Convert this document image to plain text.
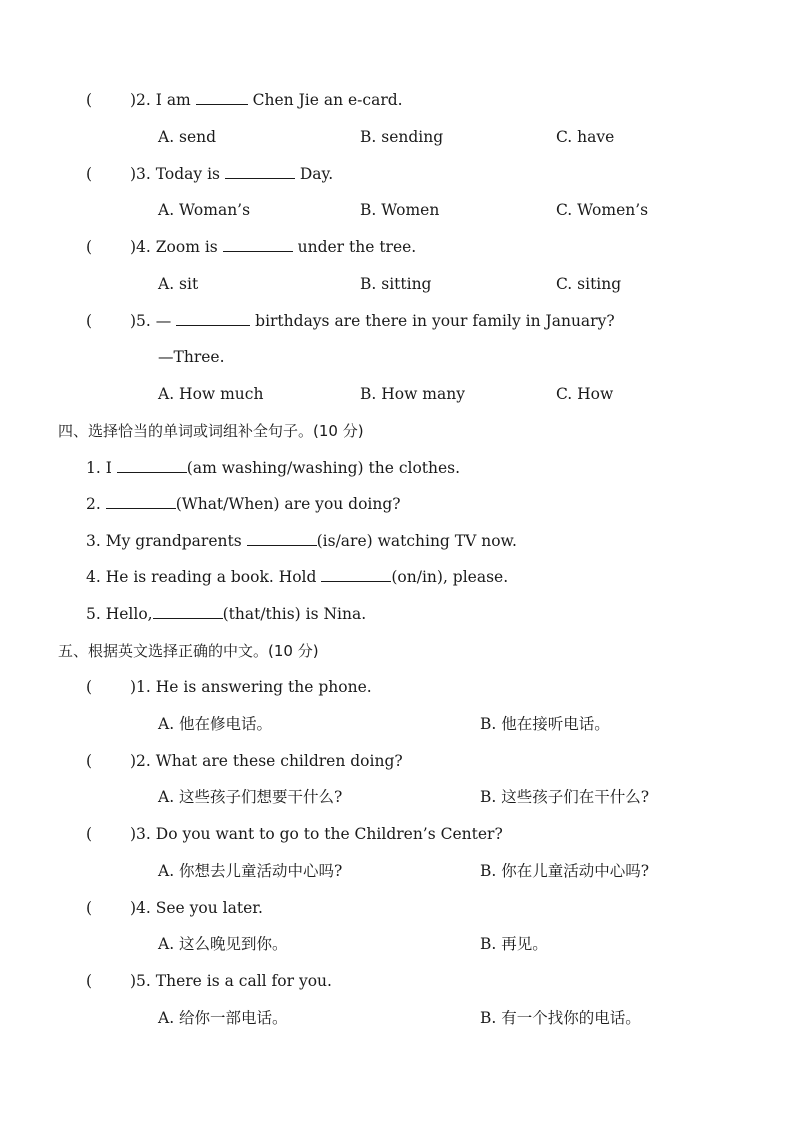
( )2. I am	Chen Jie an e-card.
A. send	B. sending	C. have
( )3. Today is	Day.
A. Woman’s	B. Women	C. Women’s
( )4. Zoom is	under the tree.
A. sit	B. sitting	C. siting
( )5. —	birthdays are there in your family in January?
—Three.
A. How much	B. How many	C. How
四、选择恰当的单词或词组补全句子。(10 分)
1. I	(am washing/washing) the clothes.
2.	(What/When) are you doing?
3. My grandparents	(is/are) watching TV now.
4. He is reading a book. Hold	(on/in), please.
5. Hello,	(that/this) is Nina.
五、根据英文选择正确的中文。(10 分)
( )1. He is answering the phone.
A. 他在修电话。	B. 他在接听电话。
( )2. What are these children doing?
A. 这些孩子们想要干什么?	B. 这些孩子们在干什么?
( )3. Do you want to go to the Children’s Center?
A. 你想去儿童活动中心吗?	B. 你在儿童活动中心吗?
( )4. See you later.
A. 这么晚见到你。	B. 再见。
( )5. There is a call for you.
A. 给你一部电话。	B. 有一个找你的电话。
